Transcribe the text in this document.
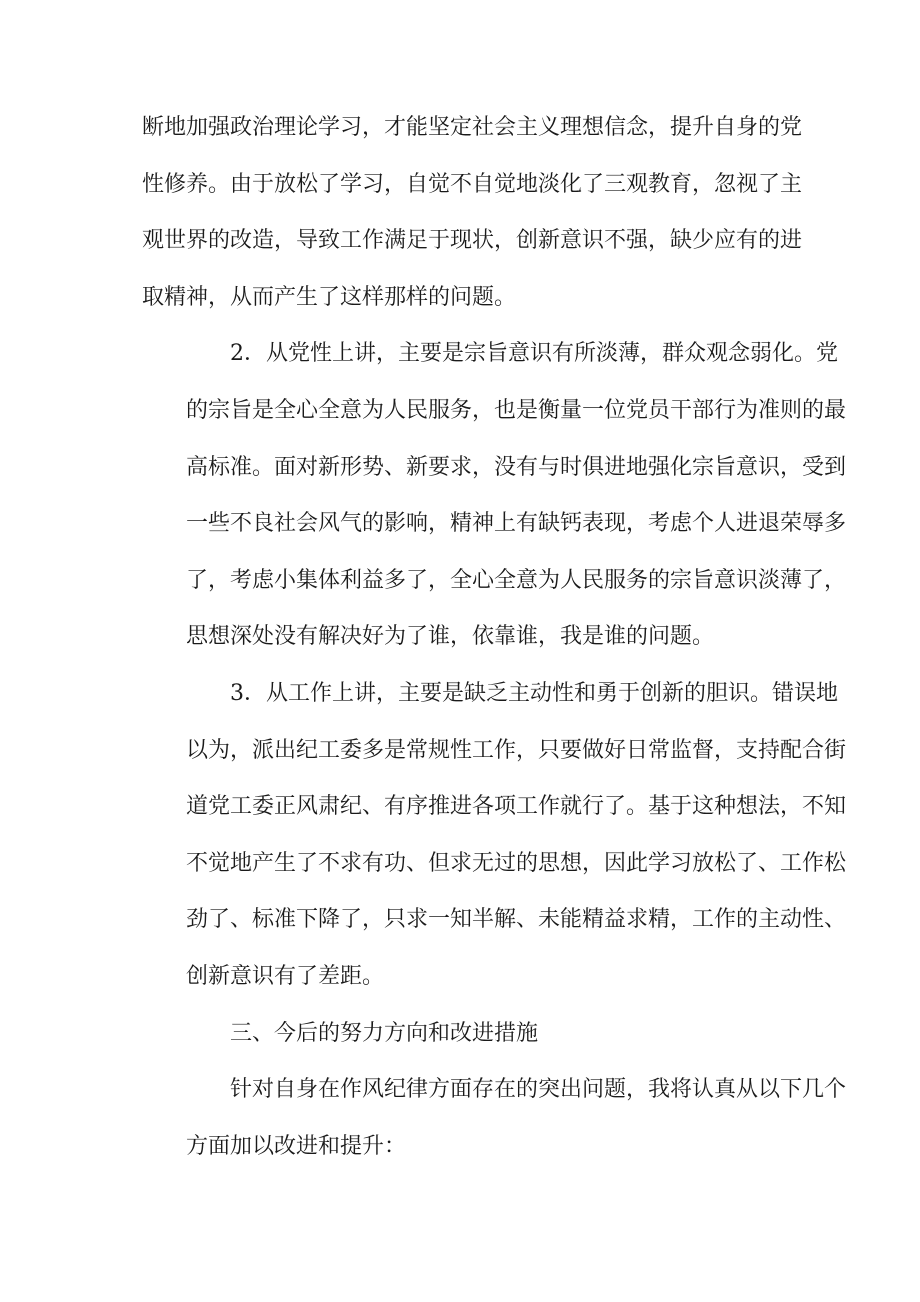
断地加强政治理论学习，才能坚定社会主义理想信念，提升自身的党
性修养。由于放松了学习，自觉不自觉地淡化了三观教育，忽视了主
观世界的改造，导致工作满足于现状，创新意识不强，缺少应有的进
取精神，从而产生了这样那样的问题。
2．从党性上讲，主要是宗旨意识有所淡薄，群众观念弱化。党
的宗旨是全心全意为人民服务，也是衡量一位党员干部行为准则的最
高标准。面对新形势、新要求，没有与时俱进地强化宗旨意识，受到
一些不良社会风气的影响，精神上有缺钙表现，考虑个人进退荣辱多
了，考虑小集体利益多了，全心全意为人民服务的宗旨意识淡薄了，
思想深处没有解决好为了谁，依靠谁，我是谁的问题。
3．从工作上讲，主要是缺乏主动性和勇于创新的胆识。错误地
以为，派出纪工委多是常规性工作，只要做好日常监督，支持配合街
道党工委正风肃纪、有序推进各项工作就行了。基于这种想法，不知
不觉地产生了不求有功、但求无过的思想，因此学习放松了、工作松
劲了、标准下降了，只求一知半解、未能精益求精，工作的主动性、
创新意识有了差距。
三、今后的努力方向和改进措施
针对自身在作风纪律方面存在的突出问题，我将认真从以下几个
方面加以改进和提升：
